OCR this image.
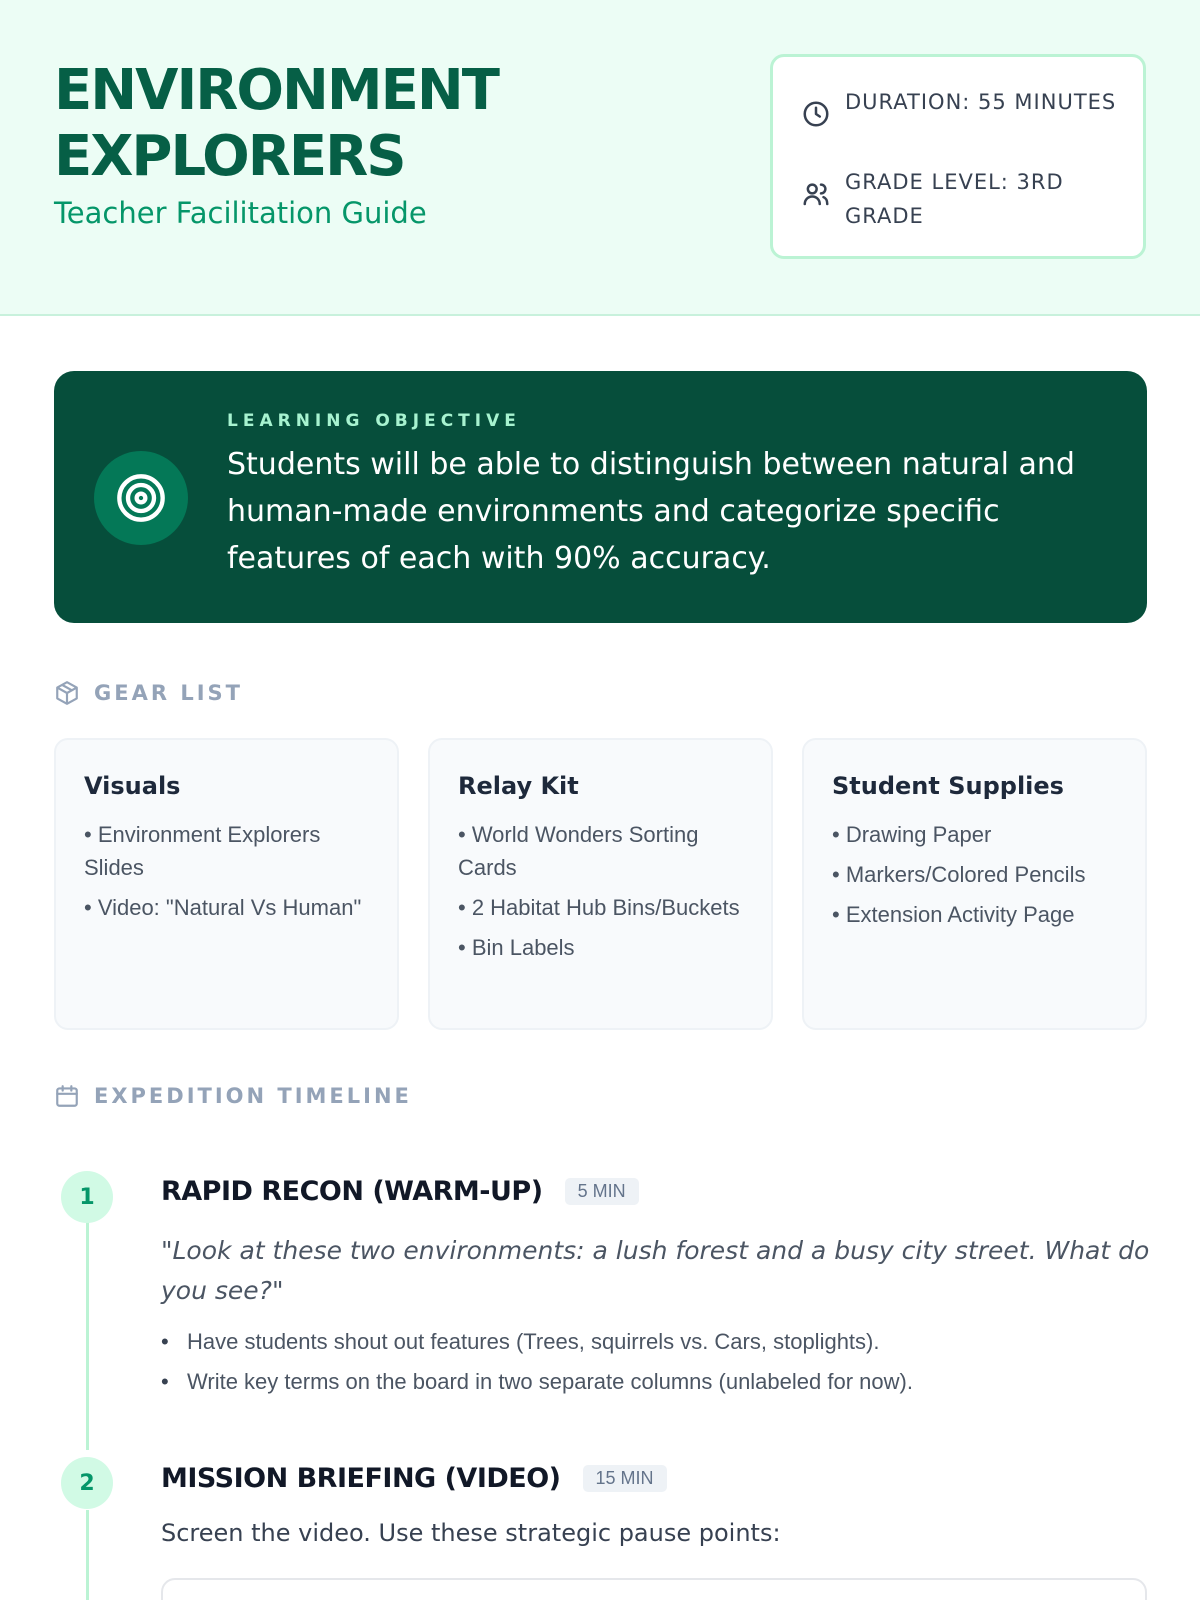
ENVIRONMENT EXPLORERS
Teacher Facilitation Guide
DURATION: 55 MINUTES
GRADE LEVEL: 3RD GRADE
LEARNING OBJECTIVE
Students will be able to distinguish between natural and human-made environments and categorize specific features of each with 90% accuracy.
GEAR LIST
Visuals
• Environment Explorers Slides
• Video: "Natural Vs Human"
Relay Kit
• World Wonders Sorting Cards
• 2 Habitat Hub Bins/Buckets
• Bin Labels
Student Supplies
• Drawing Paper
• Markers/Colored Pencils
• Extension Activity Page
EXPEDITION TIMELINE
1	RAPID RECON (WARM-UP)	5 MIN
"Look at these two environments: a lush forest and a busy city street. What do you see?"
• Have students shout out features (Trees, squirrels vs. Cars, stoplights).
• Write key terms on the board in two separate columns (unlabeled for now).
2	MISSION BRIEFING (VIDEO)	15 MIN
Screen the video. Use these strategic pause points:
